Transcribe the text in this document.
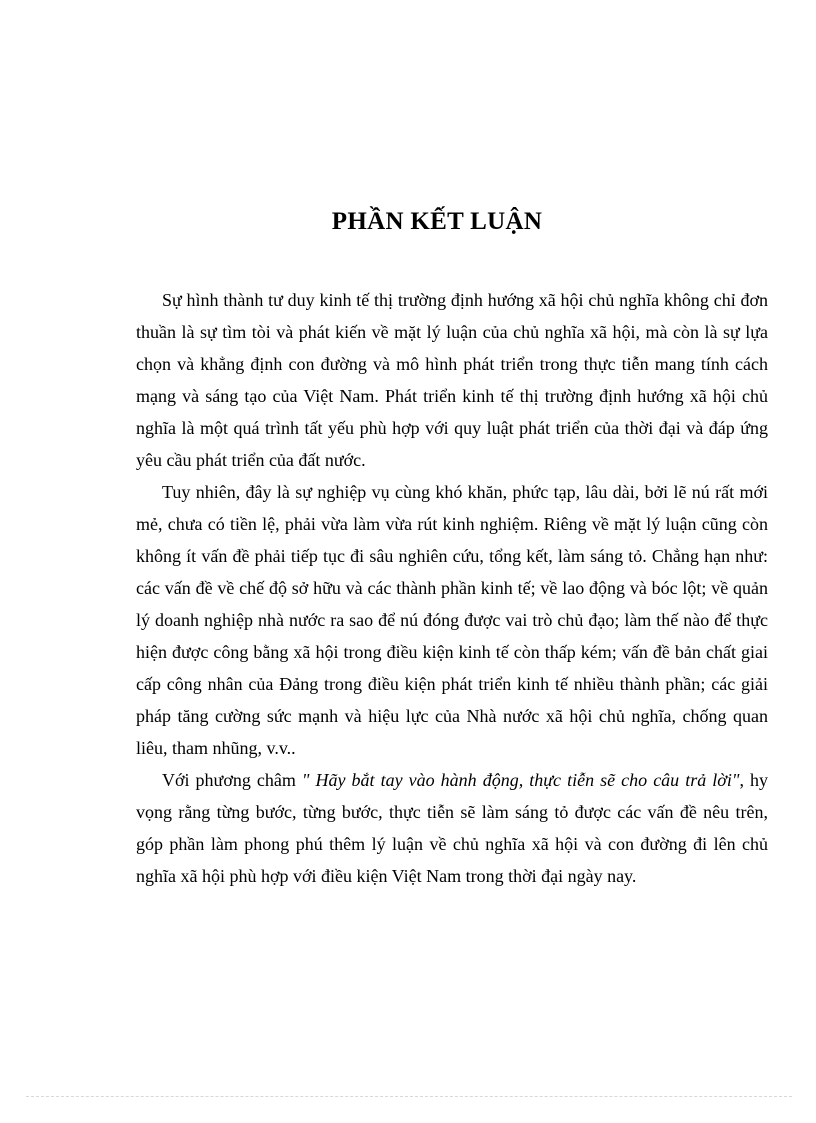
PHẦN KẾT LUẬN

Sự hình thành tư duy kinh tế thị trường định hướng xã hội chủ nghĩa không chỉ đơn thuần là sự tìm tòi và phát kiến về mặt lý luận của chủ nghĩa xã hội, mà còn là sự lựa chọn và khẳng định con đường và mô hình phát triển trong thực tiễn mang tính cách mạng và sáng tạo của Việt Nam. Phát triển kinh tế thị trường định hướng xã hội chủ nghĩa là một quá trình tất yếu phù hợp với quy luật phát triển của thời đại và đáp ứng yêu cầu phát triển của đất nước.

Tuy nhiên, đây là sự nghiệp vụ cùng khó khăn, phức tạp, lâu dài, bởi lẽ nú rất mới mẻ, chưa có tiền lệ, phải vừa làm vừa rút kinh nghiệm. Riêng về mặt lý luận cũng còn không ít vấn đề phải tiếp tục đi sâu nghiên cứu, tổng kết, làm sáng tỏ. Chẳng hạn như: các vấn đề về chế độ sở hữu và các thành phần kinh tế; về lao động và bóc lột; về quản lý doanh nghiệp nhà nước ra sao để nú đóng được vai trò chủ đạo; làm thế nào để thực hiện được công bằng xã hội trong điều kiện kinh tế còn thấp kém; vấn đề bản chất giai cấp công nhân của Đảng trong điều kiện phát triển kinh tế nhiều thành phần; các giải pháp tăng cường sức mạnh và hiệu lực của Nhà nước xã hội chủ nghĩa, chống quan liêu, tham nhũng, v.v..

Với phương châm " Hãy bắt tay vào hành động, thực tiễn sẽ cho câu trả lời", hy vọng rằng từng bước, từng bước, thực tiễn sẽ làm sáng tỏ được các vấn đề nêu trên, góp phần làm phong phú thêm lý luận về chủ nghĩa xã hội và con đường đi lên chủ nghĩa xã hội phù hợp với điều kiện Việt Nam trong thời đại ngày nay.
